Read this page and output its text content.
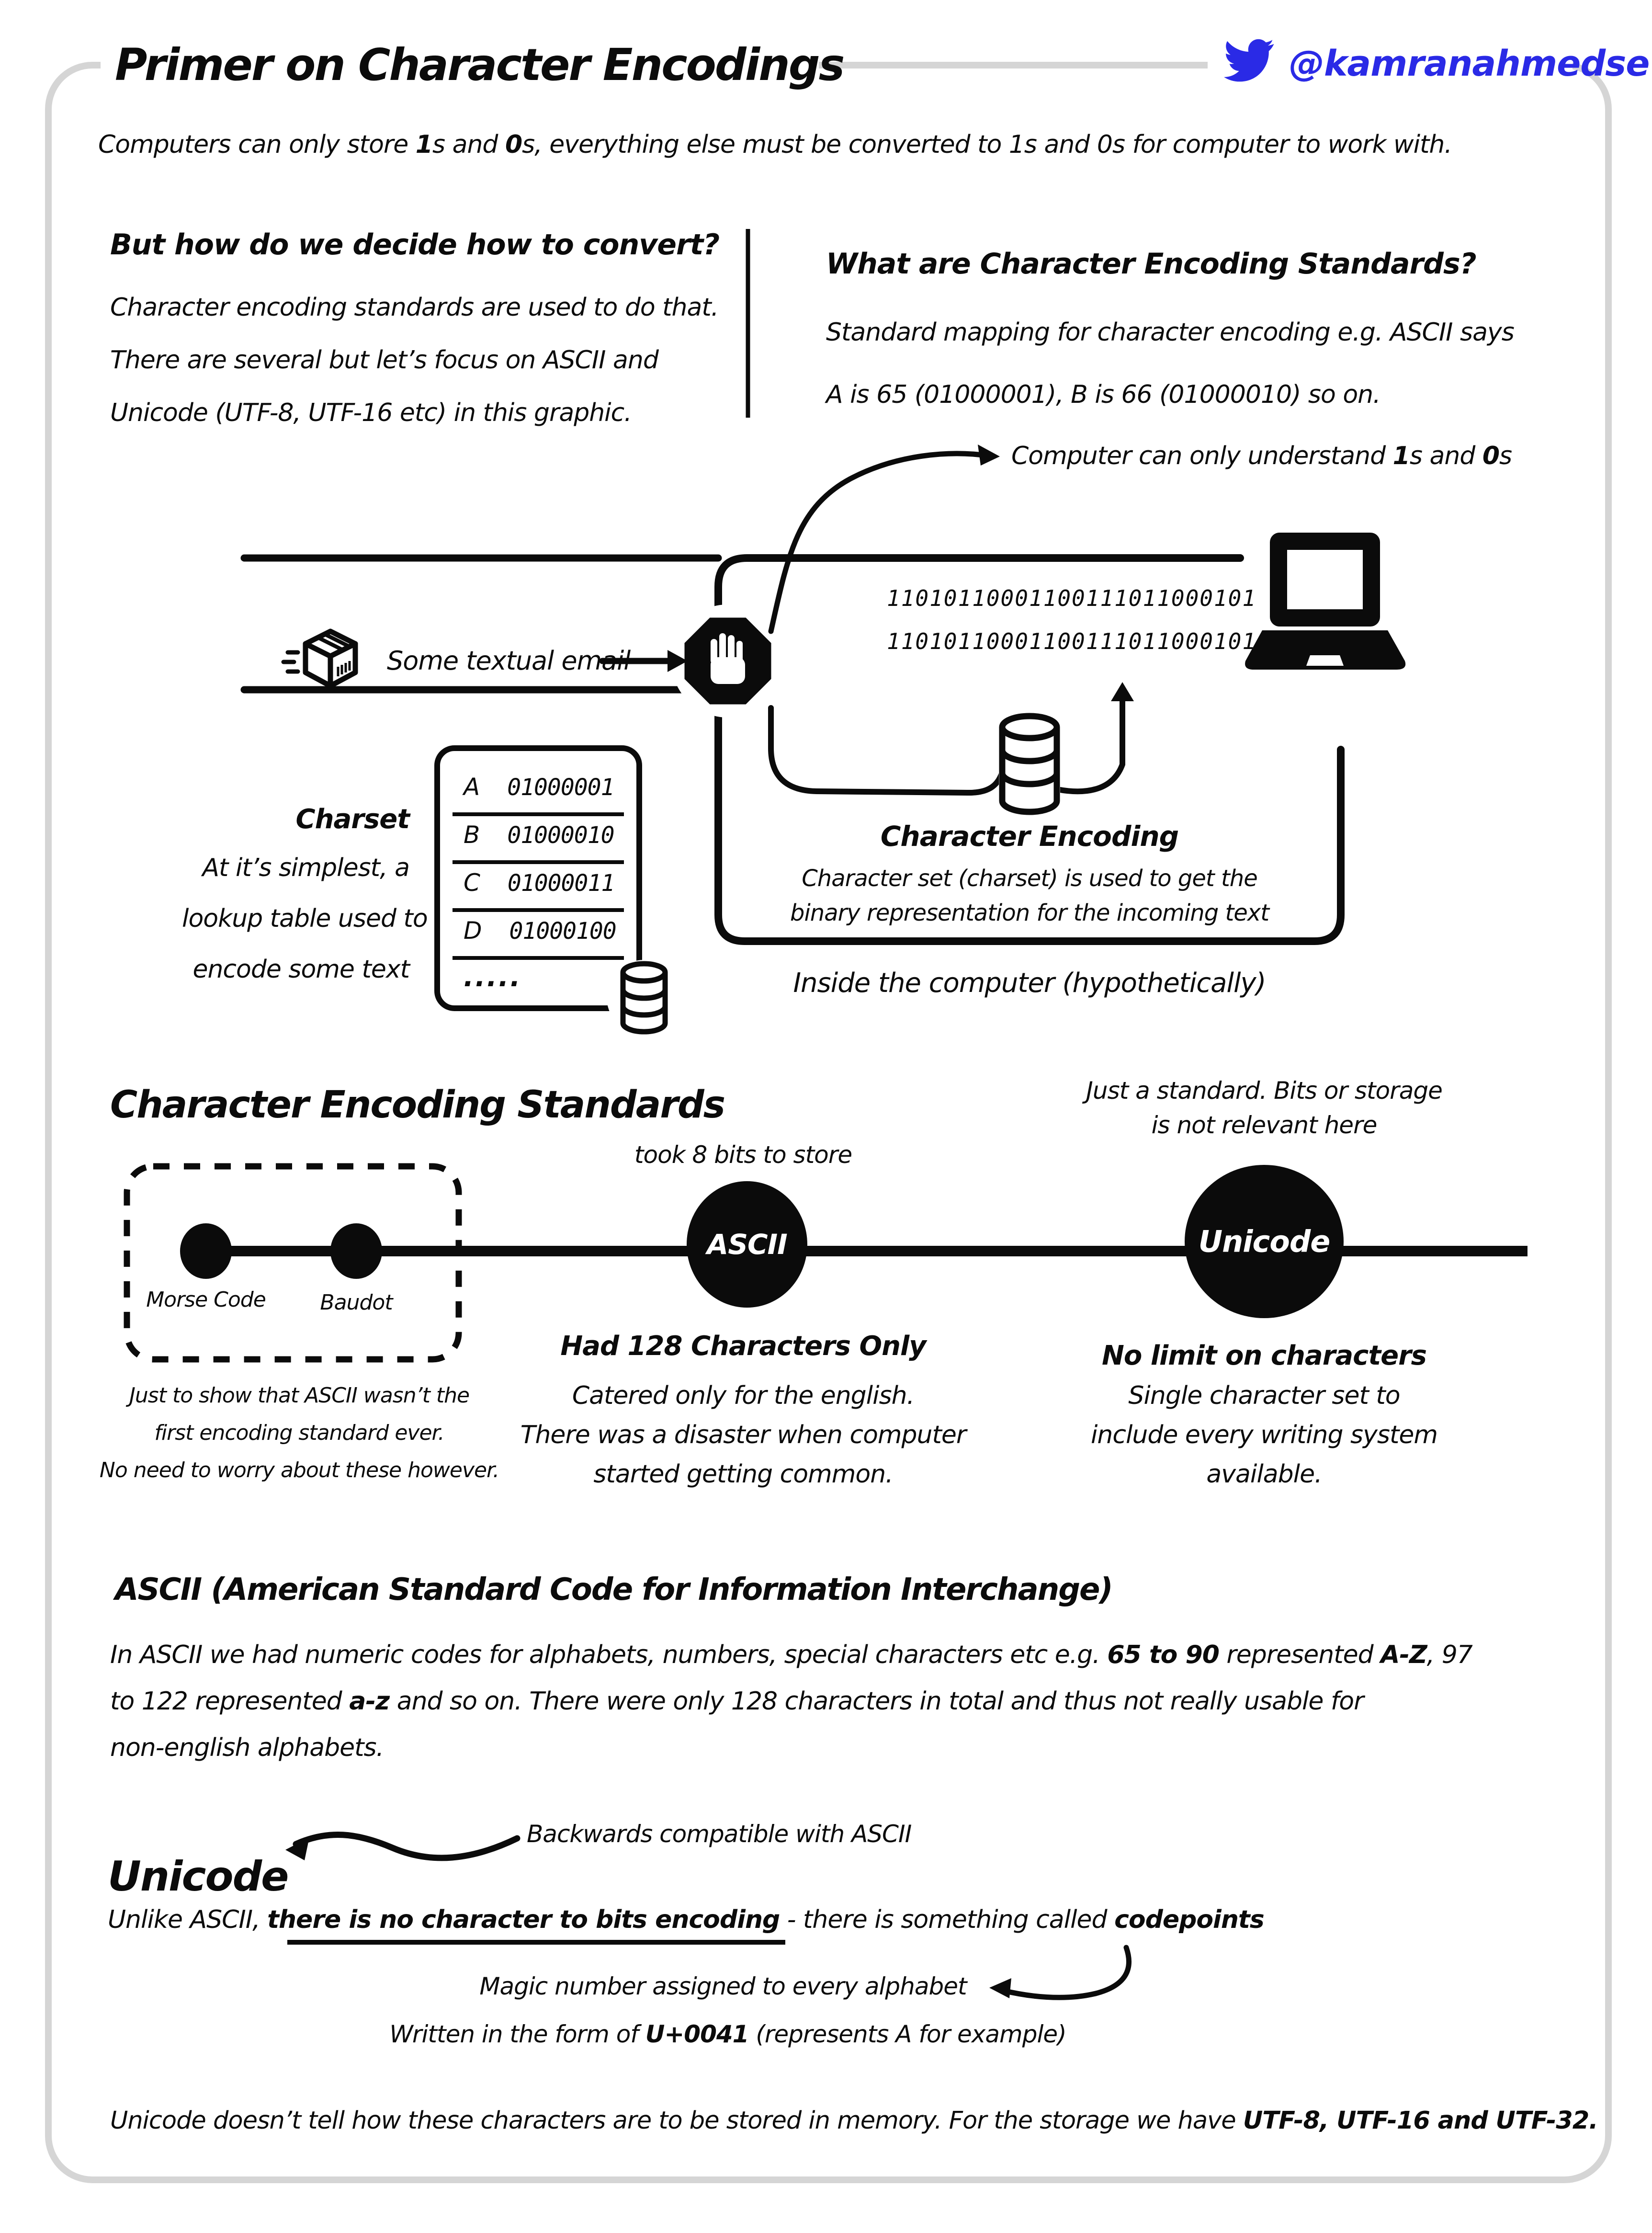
Primer on Character Encodings	@kamranahmedse
Computers can only store 1s and 0s, everything else must be converted to 1s and 0s for computer to work with.
But how do we decide how to convert?
Character encoding standards are used to do that.
There are several but let’s focus on ASCII and
Unicode (UTF-8, UTF-16 etc) in this graphic.
What are Character Encoding Standards?
Standard mapping for character encoding e.g. ASCII says
A is 65 (01000001), B is 66 (01000010) so on.
Computer can only understand 1s and 0s
11010110001100111011000101
11010110001100111011000101
Some textual email
Charset
At it’s simplest, a
lookup table used to
encode some text
A 01000001
B 01000010
C 01000011
D 01000100
.....
Character Encoding
Character set (charset) is used to get the
binary representation for the incoming text
Inside the computer (hypothetically)
Character Encoding Standards
took 8 bits to store
Just a standard. Bits or storage
is not relevant here
Morse Code	Baudot
ASCII	Unicode
Had 128 Characters Only
Catered only for the english.
There was a disaster when computer
started getting common.
No limit on characters
Single character set to
include every writing system
available.
Just to show that ASCII wasn’t the
first encoding standard ever.
No need to worry about these however.
ASCII (American Standard Code for Information Interchange)
In ASCII we had numeric codes for alphabets, numbers, special characters etc e.g. 65 to 90 represented A-Z, 97
to 122 represented a-z and so on. There were only 128 characters in total and thus not really usable for
non-english alphabets.
Backwards compatible with ASCII
Unicode
Unlike ASCII, there is no character to bits encoding - there is something called codepoints
Magic number assigned to every alphabet
Written in the form of U+0041 (represents A for example)
Unicode doesn’t tell how these characters are to be stored in memory. For the storage we have UTF-8, UTF-16 and UTF-32.
